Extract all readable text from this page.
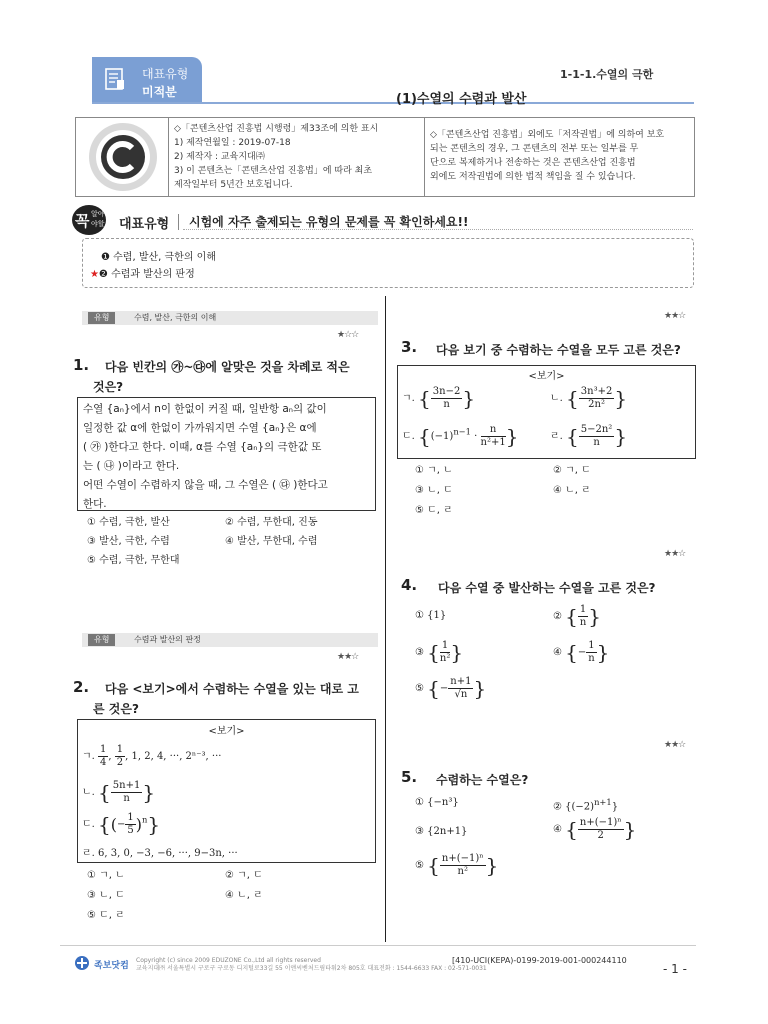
대표유형
미적분
1-1-1.수열의 극한
(1)수열의 수렴과 발산
◇「콘텐츠산업 진흥법 시행령」제33조에 의한 표시
1) 제작연월일 : 2019-07-18
2) 제작자 : 교육지대㈜
3) 이 콘텐츠는「콘텐츠산업 진흥법」에 따라 최초
제작일부터 5년간 보호됩니다.
◇「콘텐츠산업 진흥법」외에도「저작권법」에 의하여 보호
되는 콘텐츠의 경우, 그 콘텐츠의 전부 또는 일부를 무
단으로 복제하거나 전송하는 것은 콘텐츠산업 진흥법
외에도 저작권법에 의한 법적 책임을 질 수 있습니다.
꼭 알아
야할 대표유형 시험에 자주 출제되는 유형의 문제를 꼭 확인하세요!!
❶ 수렴, 발산, 극한의 이해
★❷ 수렴과 발산의 판정
유형	수렴, 발산, 극한의 이해
★☆☆
1. 다음 빈칸의 ㉮~㉰에 알맞은 것을 차례로 적은
것은?
수열 {aₙ}에서 n이 한없이 커질 때, 일반항 aₙ의 값이
일정한 값 α에 한없이 가까워지면 수열 {aₙ}은 α에
( ㉮ )한다고 한다. 이때, α를 수열 {aₙ}의 극한값 또
는 ( ㉯ )이라고 한다.
어떤 수열이 수렴하지 않을 때, 그 수열은 ( ㉰ )한다고
한다.
① 수렴, 극한, 발산	② 수렴, 무한대, 진동
③ 발산, 극한, 수렴	④ 발산, 무한대, 수렴
⑤ 수렴, 극한, 무한대
유형	수렴과 발산의 판정
★★☆
2. 다음 <보기>에서 수렴하는 수열을 있는 대로 고
른 것은?
<보기>
ㄱ. $\frac{1}{4}$ , $\frac{1}{2}$ , 1, 2, 4, ···, 2ⁿ⁻³, ···
ㄴ. { $\frac{5n+1}{n}$ }
ㄷ. {(− $\frac{1}{5} )^n$}
ㄹ. 6, 3, 0, −3, −6, ···, 9−3n, ···
① ㄱ, ㄴ	② ㄱ, ㄷ
③ ㄴ, ㄷ	④ ㄴ, ㄹ
⑤ ㄷ, ㄹ
★★☆
3. 다음 보기 중 수렴하는 수열을 모두 고른 것은?
<보기>
ㄱ. { $\frac{3n-2}{n}$ }	ㄴ. { $\frac{\text{3n³+2}}{\text{2n²}}$ }
ㄷ. {$(-1)^{n-1} \cdot \frac{n}{\text{n²+1}}$ }	ㄹ. { $\frac{\text{5−2n²}}{n}$ }
① ㄱ, ㄴ	② ㄱ, ㄷ
③ ㄴ, ㄷ	④ ㄴ, ㄹ
⑤ ㄷ, ㄹ
★★☆
4. 다음 수열 중 발산하는 수열을 고른 것은?
① {1}	② { $\frac{1}{n}$ }
③ { $\frac{1}{\text{n²}}$ }	④ {− $\frac{1}{n}$ }
⑤ {− $\frac{n+1}{√n}$ }
★★☆
5. 수렴하는 수열은?
① {−n³}	② $\{(-2)^{n+1}\}$
③ {2n+1}	④ { $\frac{\text{n+(−1)ⁿ}}{2}$ }
⑤ { $\frac{\text{n+(−1)ⁿ}}{\text{n²}}$ }
족보닷컴
Copyright (c) since 2009 EDUZONE Co.,Ltd all rights reserved
교육지대㈜ 서울특별시 구로구 구로동 디지털로33길 55 이앤씨벤처드림타워2차 805호 대표전화 : 1544-6633 FAX : 02-571-0031
[410-UCI(KEPA)-0199-2019-001-000244110
- 1 -
